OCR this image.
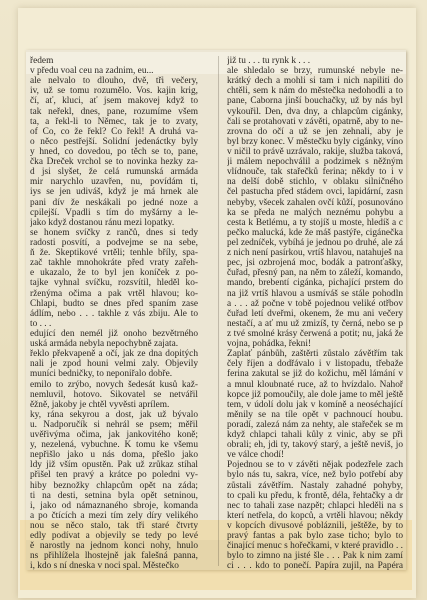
ředem
v předu voal ceu na zadnim, eu...
ale nelvalo to dlouho, dvě, tři večery,
iv, už se tomu rozumělo. Vos. kajin krig,
čí, ať, kluci, ať jsem makovej když to
tak neřekl, dnes, pane, rozumíme všem
ta, a řekl-li to Němec, tak je to zvaty,
of Co, co že řekl? Co řekl! A druhá va-
o něco pestřejší. Solidní jedenáctky byly
y hned, co dovedou, po těch se to, pane,
čka Dreček vrchol se to novinka hezky za-
d jsi slyšet, že celá rumunská armáda
mir narychlo uzavřen, nu, povídám ti,
iys se jen udiváš, když je má hrnek ale
pani dív že neskákali po jedné noze a
cpilejší. Vpadli s tím do myšárny a le-
jako když dostanou ránu mezi lopatky.
se honem svíčky z rančů, dnes si tedy
radosti posvítí, a podvejme se na sebe,
ň že. Skeptikové vrtěli; tenhle bříly, spa-
zač takhle mnohokráte před vraty zařeh-
e ukazalo, že to byl jen koníček z po-
tajke vyhnal svíčku, rozsvítil, hleděl ko-
rženýma očima a pak vrtěl hlavou; ko-
Chlapi, budto se dnes před spaním zase
ádlím, nebo . . . takhle z vás zbiju. Ale to
to . . .
edující den nemél již onoho bezvětrného
uská armáda nebyla nepochybně zajata.
řeklo překvapeně a očí, jak ze dna dopitých
nali je zpod houni velmi zaly. Objevily
muníci bedničky, to neponiřalo dobře.
emilo to zrýbo, novych šedesát kusů kaž-
nemluvil, hotovo. Šikovatel se netvářil
ěžně, jakoby je chtěl vyvěsti aprílem.
ky, rána sekyrou a dost, jak už bývalo
u. Nadporučík si nehrál se psem; měřil
uvěřivýma očima, jak jankovitého koně;
y, nezelená, vybuchne. K tomu ke všemu
nepřišlo jako u nás doma, přešlo jako
ldy již vším opustěn. Pak už zrůkaz stíhal
přišel ten pravý a krátce po poledni vy-
hiby beznožky chlapcům opět na záda;
ti na desti, setnina byla opět setninou,
i, jako od námaznaného sbroje, komanda
a po čtících a mezi tím zely díry velikého
nou se něco stalo, tak tři staré čtvrty
edly podívat a objevily se tedy po levé
ě narostly na jednom konci nohy, hnulo
ns přihlížela lhostejně jak falešná panna,
i, kdo s ní dneska v noci spal. Městečko
již tu . . . tu rynk k . . .
ale shledalo se brzy, rumunské nebyle ne-
krátký dech a mohli si tam i nich napiliti do
chtěli, sem k nám do městečka nedohodli a to
pane, Čaborna jinší bouchačky, už by nás byl
vykouřil. Den, dva dny, a chlapcům cigánky,
čali se protahovati v závěti, opatrně, aby to ne-
zrovna do očí a už se jen zehnali, aby je
byl brzy konec. V městečku byly cigánky, víno
v ničil to právě uzrávalo, rakije, služba taková,
ji málem nepochválil a podzimek s něžným
vlídnouče, tak stařečků ferina; někdy to i v
na delší době stichlo, v oblaku silničného
čel pastucha před stádem ovci, lapidární, zasn
nebyby, všecek zahalen ovčí kůží, posunováno
ka se předa ne malých neznému pohybu a
cesta k Betlému, a ty stojíš u moste, hledíš a c
pečko malucká, kde že máš pastýře, cigánečka
pel zedníček, vybíhá je jednou po druhé, ale zá
z nich není pasírkou, vrtíš hlavou, natahuješ na
pec, jsi ozbrojená moc, bodák a patronťašky,
čuřad, přesný pan, na něm to záleží, komando,
mando, brebentí cigánka, pichající prstem do
na již vrtíš hlavou a usmíváš se stále pohodln
a . . . až počne v tobě pojednou veliké otřbov
čuřad letí dveřmi, okenem, že mu ani večery
nestačí, a ať mu už zmizíš, ty černá, nebo se p
z tvé smolné krásy čerwená a potit; nu, jaká že
vojna, pohádka, řekni!
Zaplať pánbůh, zaštěrti zůstalo závětřím tak
čely říjen a dodřávalo i v listopadu, třebaže
ferina zakutal se již do kožichu, měl lámání v
a mnul kloubnaté ruce, až to hvízdalo. Nahoř
kopce již pomoučily, ale dole jame to měl ještě
tem, v údolí dolu jak v komíně a neoséchající
měnily se na tíle opět v pachnoucí houbu.
poradí, zalezá nám za nehty, ale stařeček se m
když chlapci tahali kůly z vinic, aby se při
obrali; eh, jdi ty, takový starý, a ještě neviš, jo
ve válce chodí!
Pojednou se to v závěti nějak podezřele zach
bylo nás tu, sakra, více, než bylo potřebí aby
zůstali závětřím. Nastaly zahadné pohyby,
to cpali ku předu, k frontě, déla, řehtačky a dr
nec to tahali zase nazpět; chlapci hleděli na s
kterí netřela, do kopců, a vrtěli hlavou; někdy
v kopcích divusové pobláznili, ještěže, by to
pravý fantas a pak bylo zase ticho; bylo to
činající menuc s hořečkami, v které pravidlo . .
bylo to zimno na jisté šle . . . Pak k nim zamí
ci . . . kdo to ponečí. Papíra zujil, na Papéra
